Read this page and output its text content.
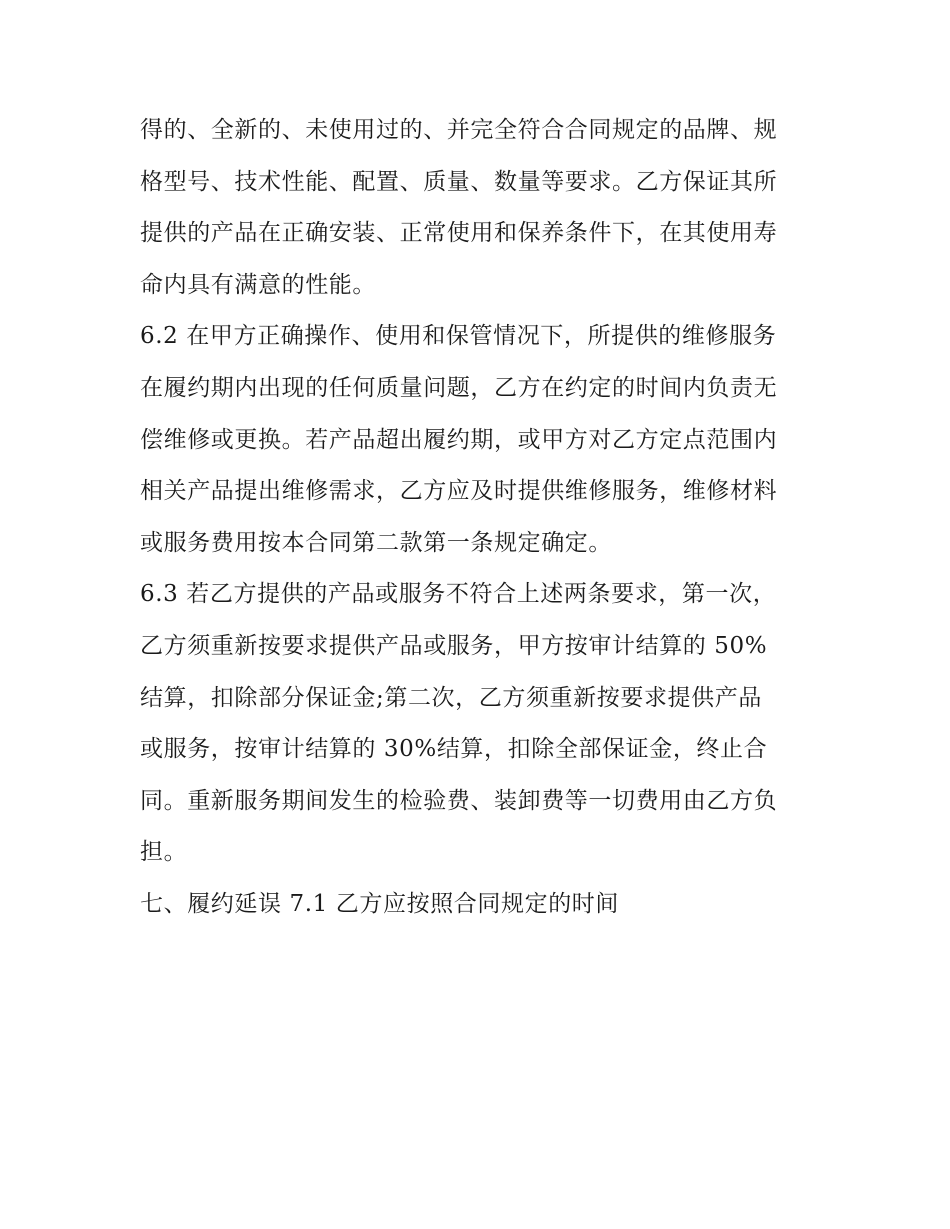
得的、全新的、未使用过的、并完全符合合同规定的品牌、规
格型号、技术性能、配置、质量、数量等要求。乙方保证其所
提供的产品在正确安装、正常使用和保养条件下，在其使用寿
命内具有满意的性能。
6.2 在甲方正确操作、使用和保管情况下，所提供的维修服务
在履约期内出现的任何质量问题，乙方在约定的时间内负责无
偿维修或更换。若产品超出履约期，或甲方对乙方定点范围内
相关产品提出维修需求，乙方应及时提供维修服务，维修材料
或服务费用按本合同第二款第一条规定确定。
6.3 若乙方提供的产品或服务不符合上述两条要求，第一次，
乙方须重新按要求提供产品或服务，甲方按审计结算的 50%
结算，扣除部分保证金;第二次，乙方须重新按要求提供产品
或服务，按审计结算的 30%结算，扣除全部保证金，终止合
同。重新服务期间发生的检验费、装卸费等一切费用由乙方负
担。
七、履约延误 7.1 乙方应按照合同规定的时间
